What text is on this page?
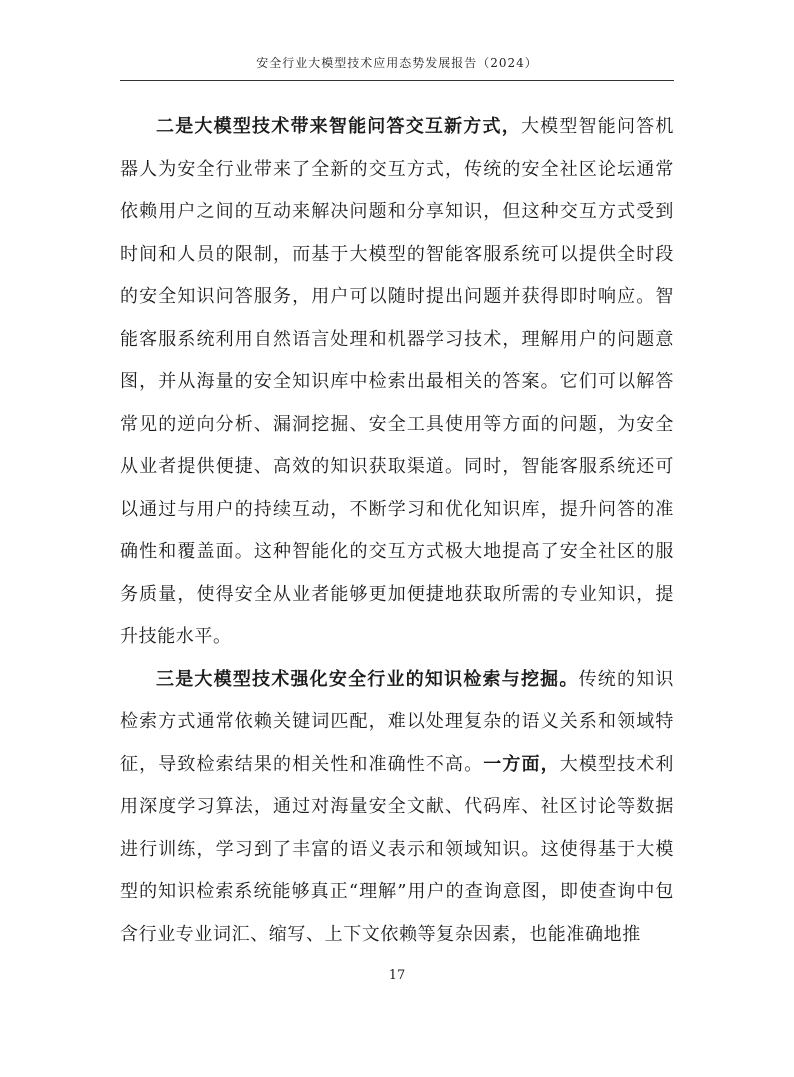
安全行业大模型技术应用态势发展报告（2024）

二是大模型技术带来智能问答交互新方式，大模型智能问答机器人为安全行业带来了全新的交互方式，传统的安全社区论坛通常依赖用户之间的互动来解决问题和分享知识，但这种交互方式受到时间和人员的限制，而基于大模型的智能客服系统可以提供全时段的安全知识问答服务，用户可以随时提出问题并获得即时响应。智能客服系统利用自然语言处理和机器学习技术，理解用户的问题意图，并从海量的安全知识库中检索出最相关的答案。它们可以解答常见的逆向分析、漏洞挖掘、安全工具使用等方面的问题，为安全从业者提供便捷、高效的知识获取渠道。同时，智能客服系统还可以通过与用户的持续互动，不断学习和优化知识库，提升问答的准确性和覆盖面。这种智能化的交互方式极大地提高了安全社区的服务质量，使得安全从业者能够更加便捷地获取所需的专业知识，提升技能水平。

三是大模型技术强化安全行业的知识检索与挖掘。传统的知识检索方式通常依赖关键词匹配，难以处理复杂的语义关系和领域特征，导致检索结果的相关性和准确性不高。一方面，大模型技术利用深度学习算法，通过对海量安全文献、代码库、社区讨论等数据进行训练，学习到了丰富的语义表示和领域知识。这使得基于大模型的知识检索系统能够真正“理解”用户的查询意图，即使查询中包含行业专业词汇、缩写、上下文依赖等复杂因素，也能准确地推

17
